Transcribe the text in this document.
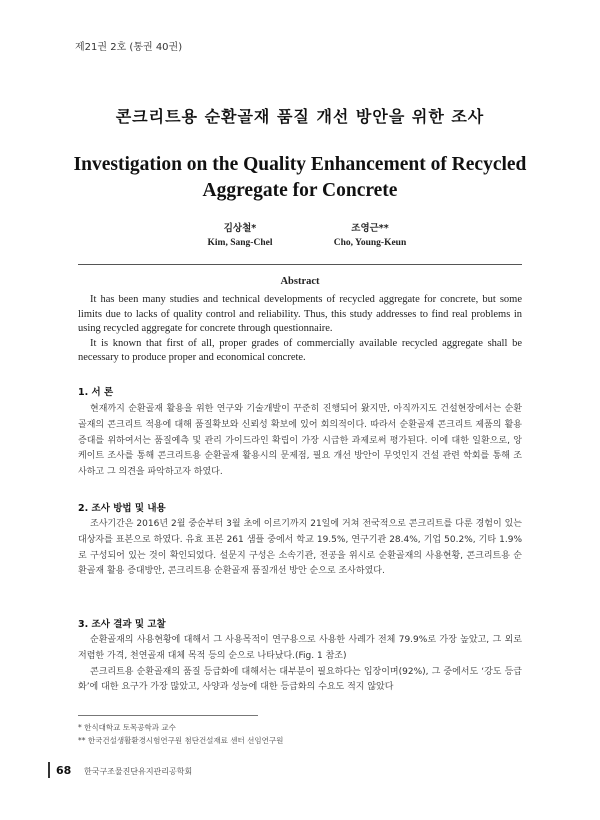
제21권 2호 (통권 40권)
콘크리트용 순환골재 품질 개선 방안을 위한 조사
Investigation on the Quality Enhancement of Recycled Aggregate for Concrete
김상철*
Kim, Sang-Chel
조영근**
Cho, Young-Keun
Abstract

It has been many studies and technical developments of recycled aggregate for concrete, but some limits due to lacks of quality control and reliability. Thus, this study addresses to find real problems in using recycled aggregate for concrete through questionnaire.

It is known that first of all, proper grades of commercially available recycled aggregate shall be necessary to produce proper and economical concrete.

1. 서 론

현재까지 순환골재 활용을 위한 연구와 기술개발이 꾸준히 진행되어 왔지만, 아직까지도 건설현장에서는 순환골재의 콘크리트 적용에 대해 품질확보와 신뢰성 확보에 있어 회의적이다. 따라서 순환골재 콘크리트 제품의 활용증대를 위하여서는 품질예측 및 관리 가이드라인 확립이 가장 시급한 과제로써 평가된다. 이에 대한 일환으로, 앙케이트 조사를 통해 콘크리트용 순환골재 활용시의 문제점, 필요 개선 방안이 무엇인지 건설 관련 학회를 통해 조사하고 그 의견을 파악하고자 하였다.

2. 조사 방법 및 내용

조사기간은 2016년 2월 중순부터 3월 초에 이르기까지 21일에 거쳐 전국적으로 콘크리트를 다룬 경험이 있는 대상자를 표본으로 하였다. 유효 표본 261 샘플 중에서 학교 19.5%, 연구기관 28.4%, 기업 50.2%, 기타 1.9%로 구성되어 있는 것이 확인되었다. 설문지 구성은 소속기관, 전공을 위시로 순환골재의 사용현황, 콘크리트용 순환골재 활용 증대방안, 콘크리트용 순환골재 품질개선 방안 순으로 조사하였다.

3. 조사 결과 및 고찰

순환골재의 사용현황에 대해서 그 사용목적이 연구용으로 사용한 사례가 전체 79.9%로 가장 높았고, 그 외로 저렴한 가격, 천연골재 대체 목적 등의 순으로 나타났다.(Fig. 1 참조)

콘크리트용 순환골재의 품질 등급화에 대해서는 대부분이 필요하다는 입장이며(92%), 그 중에서도 ‘강도 등급화’에 대한 요구가 가장 많았고, 사양과 성능에 대한 등급화의 수요도 적지 않았다

* 한식대학교 토목공학과 교수
** 한국건설생활환경시험연구원 첨단건설재료 센터 선임연구원
68 한국구조물진단유지관리공학회
